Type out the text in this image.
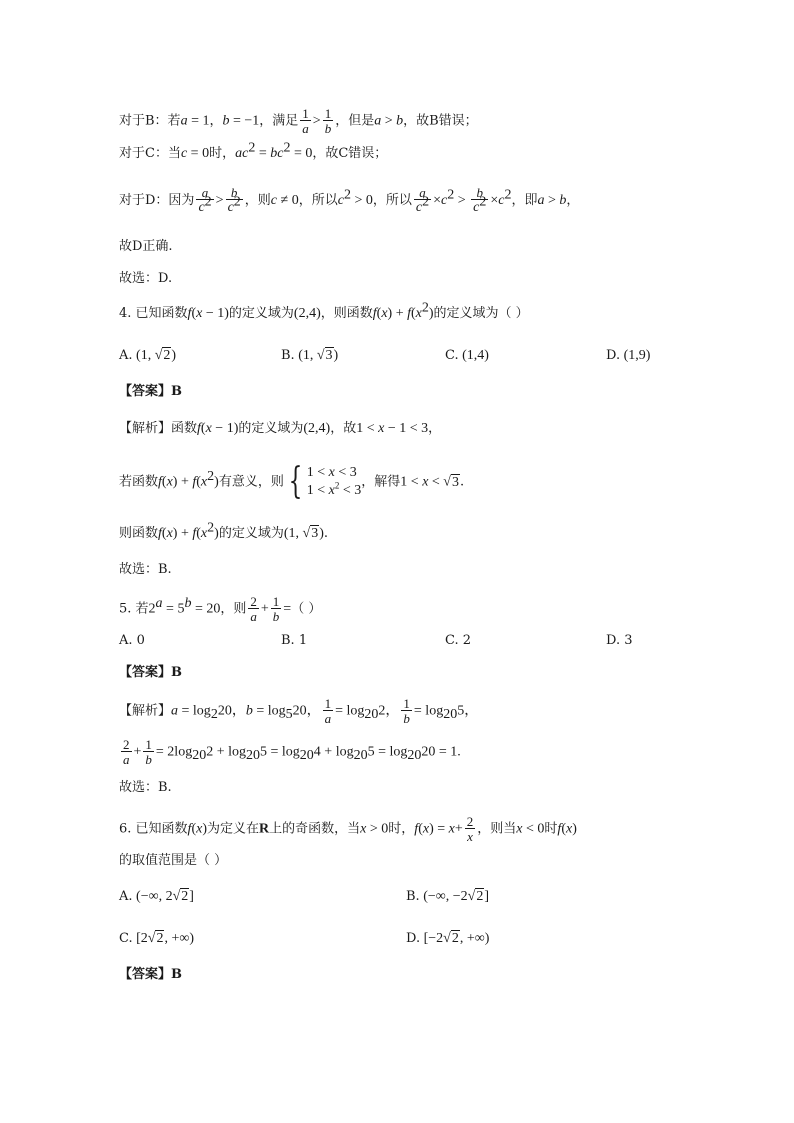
对于B：若a = 1，b = −1，满足 $\frac{1}{a} > \frac{1}{b}$ ，但是a > b，故B错误；
对于C：当c = 0时，$ac^2 = bc^2 = 0$，故C错误；
对于D：因为 $\frac{a}{c^2} > \frac{b}{c^2}$ ，则c ≠ 0，所以$c^2 > 0$，所以 $\frac{a}{c^2} \times c^2 > \frac{b}{c^2} \times c^2$，即a > b，
故D正确.
故选：D.
4. 已知函数f(x − 1)的定义域为(2,4)，则函数$f(x) + f(x^2)$的定义域为（ ）
A. (1, √2)	B. (1, √3)	C. (1,4)	D. (1,9)
【答案】B
【解析】函数f(x − 1)的定义域为(2,4)，故1 < x − 1 < 3，
若函数$f(x) + f(x^2)$有意义，则 { 1 < x < 3
$1 < x^2 < 3$
，解得1 < x < √3.
则函数$f(x) + f(x^2)$的定义域为(1, √3).
故选：B.
5. 若$2^a = 5^b = 20$，则 $\frac{2}{a} + \frac{1}{b}$ =（ ）
A. 0	B. 1	C. 2	D. 3
【答案】B
【解析】$a = \log_220$，$b = \log_520$， $\frac{1}{a} = \log_{20}2$， $\frac{1}{b} = \log_{20}5$，
$\frac{2}{a} + \frac{1}{b} = 2\log_{20}2 + \log_{20}5 = \log_{20}4 + \log_{20}5 = \log_{20}20 = 1$.
故选：B.
6. 已知函数f(x)为定义在R上的奇函数，当x > 0时，$f(x) = x+ \frac{2}{x}$ ，则当x < 0时f(x)
的取值范围是（ ）
A. (−∞, 2√2]	B. (−∞, −2√2]
C. [2√2, +∞)	D. [−2√2, +∞)
【答案】B
